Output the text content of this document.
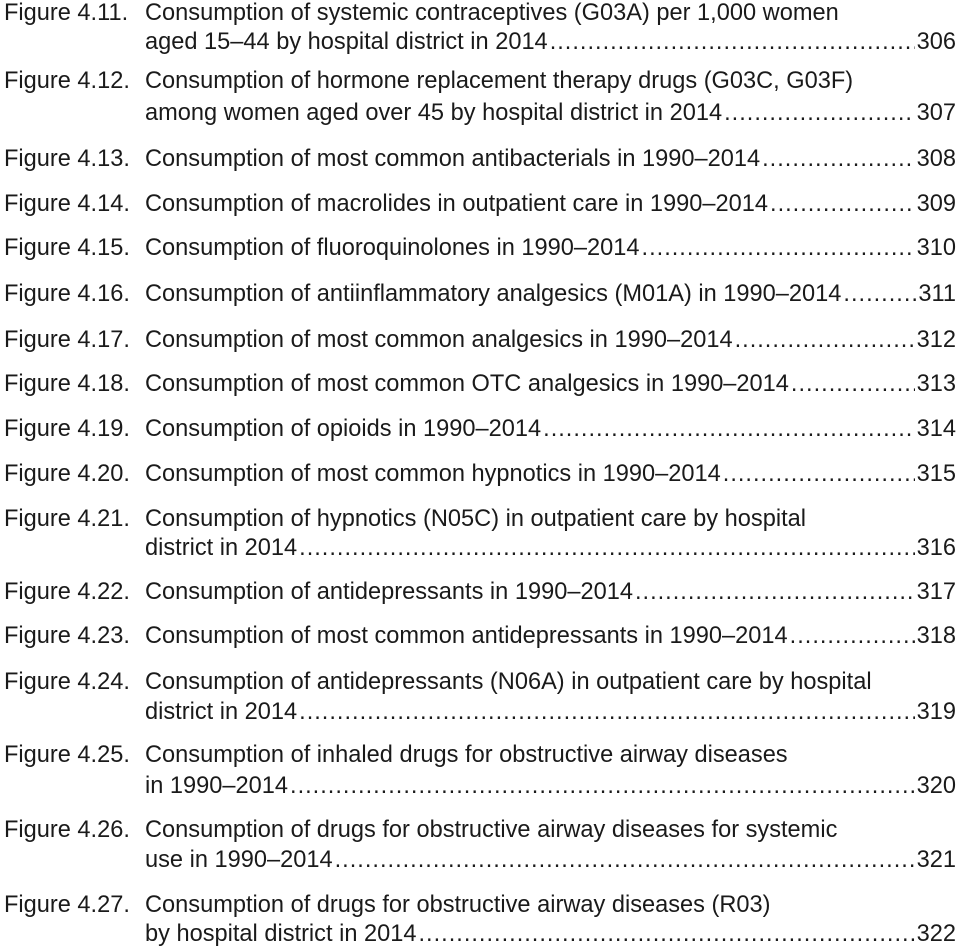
Figure 4.11. Consumption of systemic contraceptives (G03A) per 1,000 women
aged 15–44 by hospital district in 2014 .....	306
Figure 4.12. Consumption of hormone replacement therapy drugs (G03C, G03F)
among women aged over 45 by hospital district in 2014 .....	307
Figure 4.13. Consumption of most common antibacterials in 1990–2014 .....	308
Figure 4.14. Consumption of macrolides in outpatient care in 1990–2014 .....	309
Figure 4.15. Consumption of fluoroquinolones in 1990–2014 .....	310
Figure 4.16. Consumption of antiinflammatory analgesics (M01A) in 1990–2014 .....	311
Figure 4.17. Consumption of most common analgesics in 1990–2014 .....	312
Figure 4.18. Consumption of most common OTC analgesics in 1990–2014 .....	313
Figure 4.19. Consumption of opioids in 1990–2014 .....	314
Figure 4.20. Consumption of most common hypnotics in 1990–2014 .....	315
Figure 4.21. Consumption of hypnotics (N05C) in outpatient care by hospital
district in 2014 .....	316
Figure 4.22. Consumption of antidepressants in 1990–2014 .....	317
Figure 4.23. Consumption of most common antidepressants in 1990–2014 .....	318
Figure 4.24. Consumption of antidepressants (N06A) in outpatient care by hospital
district in 2014 .....	319
Figure 4.25. Consumption of inhaled drugs for obstructive airway diseases
in 1990–2014 .....	320
Figure 4.26. Consumption of drugs for obstructive airway diseases for systemic
use in 1990–2014 .....	321
Figure 4.27. Consumption of drugs for obstructive airway diseases (R03)
by hospital district in 2014 .....	322
